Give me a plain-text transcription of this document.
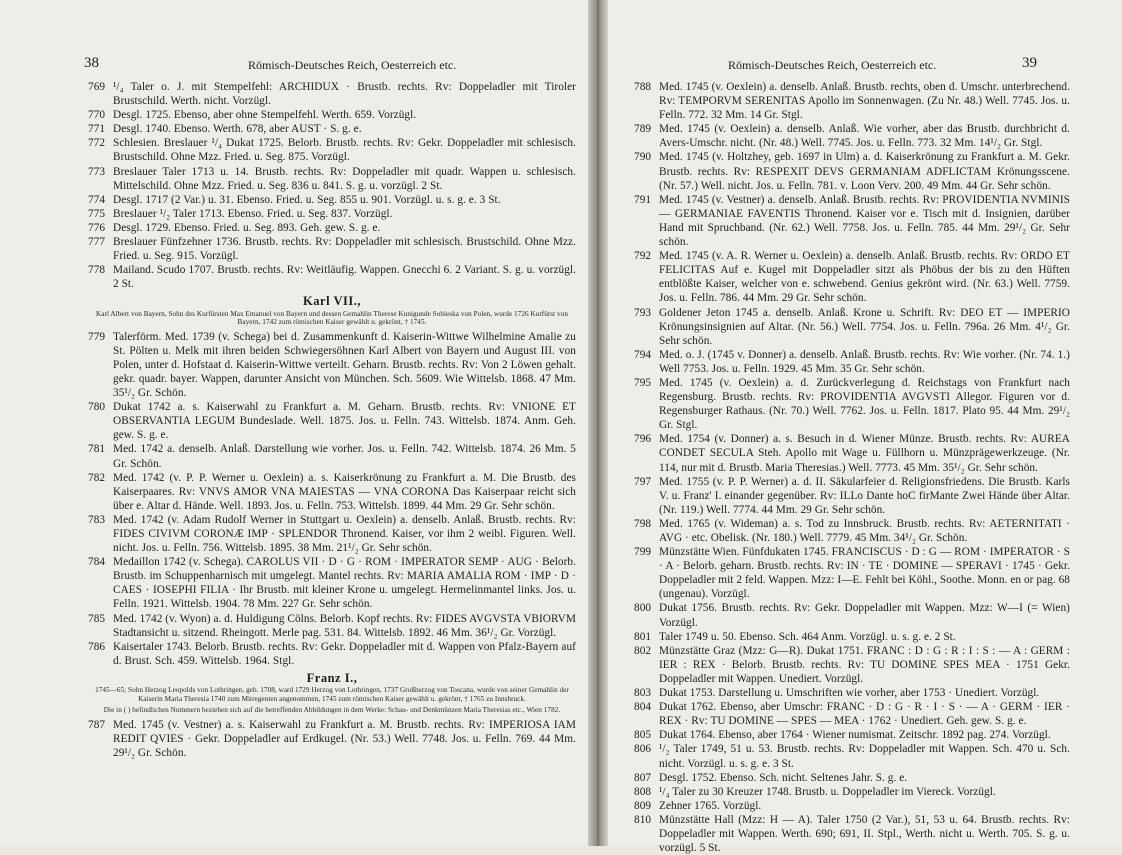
38	Römisch-Deutsches Reich, Oesterreich etc.

769 ¹/₄ Taler o. J. mit Stempelfehl: ARCHIDUX · Brustb. rechts. Rv: Doppeladler mit Tiroler Brustschild. Werth. nicht. Vorzügl.

770 Desgl. 1725. Ebenso, aber ohne Stempelfehl. Werth. 659. Vorzügl.

771 Desgl. 1740. Ebenso. Werth. 678, aber AUST · S. g. e.

772 Schlesien. Breslauer ¹/₄ Dukat 1725. Belorb. Brustb. rechts. Rv: Gekr. Doppeladler mit schlesisch. Brustschild. Ohne Mzz. Fried. u. Seg. 875. Vorzügl.

773 Breslauer Taler 1713 u. 14. Brustb. rechts. Rv: Doppeladler mit quadr. Wappen u. schlesisch. Mittelschild. Ohne Mzz. Fried. u. Seg. 836 u. 841. S. g. u. vorzügl. 2 St.

774 Desgl. 1717 (2 Var.) u. 31. Ebenso. Fried. u. Seg. 855 u. 901. Vorzügl. u. s. g. e. 3 St.

775 Breslauer ¹/₂ Taler 1713. Ebenso. Fried. u. Seg. 837. Vorzügl.

776 Desgl. 1729. Ebenso. Fried. u. Seg. 893. Geh. gew. S. g. e.

777 Breslauer Fünfzehner 1736. Brustb. rechts. Rv: Doppeladler mit schlesisch. Brustschild. Ohne Mzz. Fried. u. Seg. 915. Vorzügl.

778 Mailand. Scudo 1707. Brustb. rechts. Rv: Weitläufig. Wappen. Gnecchi 6. 2 Variant. S. g. u. vorzügl. 2 St.

Karl VII.,
Karl Albert von Bayern, Sohn des Kurfürsten Max Emanuel von Bayern und dessen Gemahlin Therese Kunigunde Sobieska von Polen, wurde 1726 Kurfürst von Bayern, 1742 zum römischen Kaiser gewählt u. gekrönt, † 1745.

779 Talerförm. Med. 1739 (v. Schega) bei d. Zusammenkunft d. Kaiserin-Wittwe Wilhelmine Amalie zu St. Pölten u. Melk mit ihren beiden Schwiegersöhnen Karl Albert von Bayern und August III. von Polen, unter d. Hofstaat d. Kaiserin-Wittwe verteilt. Geharn. Brustb. rechts. Rv: Von 2 Löwen gehalt. gekr. quadr. bayer. Wappen, darunter Ansicht von München. Sch. 5609. Wie Wittelsb. 1868. 47 Mm. 35¹/₂ Gr. Schön.

780 Dukat 1742 a. s. Kaiserwahl zu Frankfurt a. M. Geharn. Brustb. rechts. Rv: VNIONE ET OBSERVANTIA LEGUM Bundeslade. Well. 1875. Jos. u. Felln. 743. Wittelsb. 1874. Anm. Geh. gew. S. g. e.

781 Med. 1742 a. denselb. Anlaß. Darstellung wie vorher. Jos. u. Felln. 742. Wittelsb. 1874. 26 Mm. 5 Gr. Schön.

782 Med. 1742 (v. P. P. Werner u. Oexlein) a. s. Kaiserkrönung zu Frankfurt a. M. Die Brustb. des Kaiserpaares. Rv: VNVS AMOR VNA MAIESTAS — VNA CORONA Das Kaiserpaar reicht sich über e. Altar d. Hände. Well. 1893. Jos. u. Felln. 753. Wittelsb. 1899. 44 Mm. 29 Gr. Sehr schön.

783 Med. 1742 (v. Adam Rudolf Werner in Stuttgart u. Oexlein) a. denselb. Anlaß. Brustb. rechts. Rv: FIDES CIVIVM CORONÆ IMP · SPLENDOR Thronend. Kaiser, vor ihm 2 weibl. Figuren. Well. nicht. Jos. u. Felln. 756. Wittelsb. 1895. 38 Mm. 21¹/₂ Gr. Sehr schön.

784 Medaillon 1742 (v. Schega). CAROLUS VII · D · G · ROM · IMPERATOR SEMP · AUG · Belorb. Brustb. im Schuppenharnisch mit umgelegt. Mantel rechts. Rv: MARIA AMALIA ROM · IMP · D · CAES · IOSEPHI FILIA · Ihr Brustb. mit kleiner Krone u. umgelegt. Hermelinmantel links. Jos. u. Felln. 1921. Wittelsb. 1904. 78 Mm. 227 Gr. Sehr schön.

785 Med. 1742 (v. Wyon) a. d. Huldigung Cölns. Belorb. Kopf rechts. Rv: FIDES AVGVSTA VBIORVM Stadtansicht u. sitzend. Rheingott. Merle pag. 531. 84. Wittelsb. 1892. 46 Mm. 36¹/₂ Gr. Vorzügl.

786 Kaisertaler 1743. Belorb. Brustb. rechts. Rv: Gekr. Doppeladler mit d. Wappen von Pfalz-Bayern auf d. Brust. Sch. 459. Wittelsb. 1964. Stgl.

Franz I.,
1745—65; Sohn Herzog Leopolds von Lothringen, geb. 1708, ward 1729 Herzog von Lothringen, 1737 Großherzog von Toscana, wurde von seiner Gemahlin der Kaiserin Maria Theresia 1740 zum Mitregenten angenommen, 1745 zum römischen Kaiser gewählt u. gekrönt, † 1765 zu Innsbruck.
Die in ( ) befindlichen Nummern beziehen sich auf die betreffenden Abbildungen in dem Werke: Schau- und Denkmünzen Maria Theresias etc., Wien 1782.

787 Med. 1745 (v. Vestner) a. s. Kaiserwahl zu Frankfurt a. M. Brustb. rechts. Rv: IMPERIOSA IAM REDIT QVIES · Gekr. Doppeladler auf Erdkugel. (Nr. 53.) Well. 7748. Jos. u. Felln. 769. 44 Mm. 29¹/₂ Gr. Schön.

Römisch-Deutsches Reich, Oesterreich etc.	39

788 Med. 1745 (v. Oexlein) a. denselb. Anlaß. Brustb. rechts, oben d. Umschr. unterbrechend. Rv: TEMPORVM SERENITAS Apollo im Sonnenwagen. (Zu Nr. 48.) Well. 7745. Jos. u. Felln. 772. 32 Mm. 14 Gr. Stgl.

789 Med. 1745 (v. Oexlein) a. denselb. Anlaß. Wie vorher, aber das Brustb. durchbricht d. Avers-Umschr. nicht. (Nr. 48.) Well. 7745. Jos. u. Felln. 773. 32 Mm. 14¹/₂ Gr. Stgl.

790 Med. 1745 (v. Holtzhey, geb. 1697 in Ulm) a. d. Kaiserkrönung zu Frankfurt a. M. Gekr. Brustb. rechts. Rv: RESPEXIT DEVS GERMANIAM ADFLICTAM Krönungsscene. (Nr. 57.) Well. nicht. Jos. u. Felln. 781. v. Loon Verv. 200. 49 Mm. 44 Gr. Sehr schön.

791 Med. 1745 (v. Vestner) a. denselb. Anlaß. Brustb. rechts. Rv: PROVIDENTIA NVMINIS — GERMANIAE FAVENTIS Thronend. Kaiser vor e. Tisch mit d. Insignien, darüber Hand mit Spruchband. (Nr. 62.) Well. 7758. Jos. u. Felln. 785. 44 Mm. 29¹/₂ Gr. Sehr schön.

792 Med. 1745 (v. A. R. Werner u. Oexlein) a. denselb. Anlaß. Brustb. rechts. Rv: ORDO ET FELICITAS Auf e. Kugel mit Doppeladler sitzt als Phöbus der bis zu den Hüften entblößte Kaiser, welcher von e. schwebend. Genius gekrönt wird. (Nr. 63.) Well. 7759. Jos. u. Felln. 786. 44 Mm. 29 Gr. Sehr schön.

793 Goldener Jeton 1745 a. denselb. Anlaß. Krone u. Schrift. Rv: DEO ET — IMPERIO Krönungsinsignien auf Altar. (Nr. 56.) Well. 7754. Jos. u. Felln. 796a. 26 Mm. 4¹/₂ Gr. Sehr schön.

794 Med. o. J. (1745 v. Donner) a. denselb. Anlaß. Brustb. rechts. Rv: Wie vorher. (Nr. 74. 1.) Well 7753. Jos. u. Felln. 1929. 45 Mm. 35 Gr. Sehr schön.

795 Med. 1745 (v. Oexlein) a. d. Zurückverlegung d. Reichstags von Frankfurt nach Regensburg. Brustb. rechts. Rv: PROVIDENTIA AVGVSTI Allegor. Figuren vor d. Regensburger Rathaus. (Nr. 70.) Well. 7762. Jos. u. Felln. 1817. Plato 95. 44 Mm. 29¹/₂ Gr. Stgl.

796 Med. 1754 (v. Donner) a. s. Besuch in d. Wiener Münze. Brustb. rechts. Rv: AUREA CONDET SECULA Steh. Apollo mit Wage u. Füllhorn u. Münzprägewerkzeuge. (Nr. 114, nur mit d. Brustb. Maria Theresias.) Well. 7773. 45 Mm. 35¹/₂ Gr. Sehr schön.

797 Med. 1755 (v. P. P. Werner) a. d. II. Säkularfeier d. Religionsfriedens. Die Brustb. Karls V. u. Franz' I. einander gegenüber. Rv: ILLo Dante hoC firMante Zwei Hände über Altar. (Nr. 119.) Well. 7774. 44 Mm. 29 Gr. Sehr schön.

798 Med. 1765 (v. Wideman) a. s. Tod zu Innsbruck. Brustb. rechts. Rv: AETERNITATI · AVG · etc. Obelisk. (Nr. 180.) Well. 7779. 45 Mm. 34¹/₂ Gr. Schön.

799 Münzstätte Wien. Fünfdukaten 1745. FRANCISCUS · D : G — ROM · IMPERATOR · S · A · Belorb. geharn. Brustb. rechts. Rv: IN · TE · DOMINE — SPERAVI · 1745 · Gekr. Doppeladler mit 2 feld. Wappen. Mzz: I—E. Fehlt bei Köhl., Soothe. Monn. en or pag. 68 (ungenau). Vorzügl.

800 Dukat 1756. Brustb. rechts. Rv: Gekr. Doppeladler mit Wappen. Mzz: W—I (= Wien) Vorzügl.

801 Taler 1749 u. 50. Ebenso. Sch. 464 Anm. Vorzügl. u. s. g. e. 2 St.

802 Münzstätte Graz (Mzz: G—R). Dukat 1751. FRANC : D : G : R : I : S : — A : GERM : IER : REX · Belorb. Brustb. rechts. Rv: TU DOMINE SPES MEA · 1751 Gekr. Doppeladler mit Wappen. Unediert. Vorzügl.

803 Dukat 1753. Darstellung u. Umschriften wie vorher, aber 1753 · Unediert. Vorzügl.

804 Dukat 1762. Ebenso, aber Umschr: FRANC · D : G · R · I · S · — A · GERM · IER · REX · Rv: TU DOMINE — SPES — MEA · 1762 · Unediert. Geh. gew. S. g. e.

805 Dukat 1764. Ebenso, aber 1764 · Wiener numismat. Zeitschr. 1892 pag. 274. Vorzügl.

806 ¹/₂ Taler 1749, 51 u. 53. Brustb. rechts. Rv: Doppeladler mit Wappen. Sch. 470 u. Sch. nicht. Vorzügl. u. s. g. e. 3 St.

807 Desgl. 1752. Ebenso. Sch. nicht. Seltenes Jahr. S. g. e.

808 ¹/₄ Taler zu 30 Kreuzer 1748. Brustb. u. Doppeladler im Viereck. Vorzügl.

809 Zehner 1765. Vorzügl.

810 Münzstätte Hall (Mzz: H — A). Taler 1750 (2 Var.), 51, 53 u. 64. Brustb. rechts. Rv: Doppeladler mit Wappen. Werth. 690; 691, II. Stpl., Werth. nicht u. Werth. 705. S. g. u. vorzügl. 5 St.
